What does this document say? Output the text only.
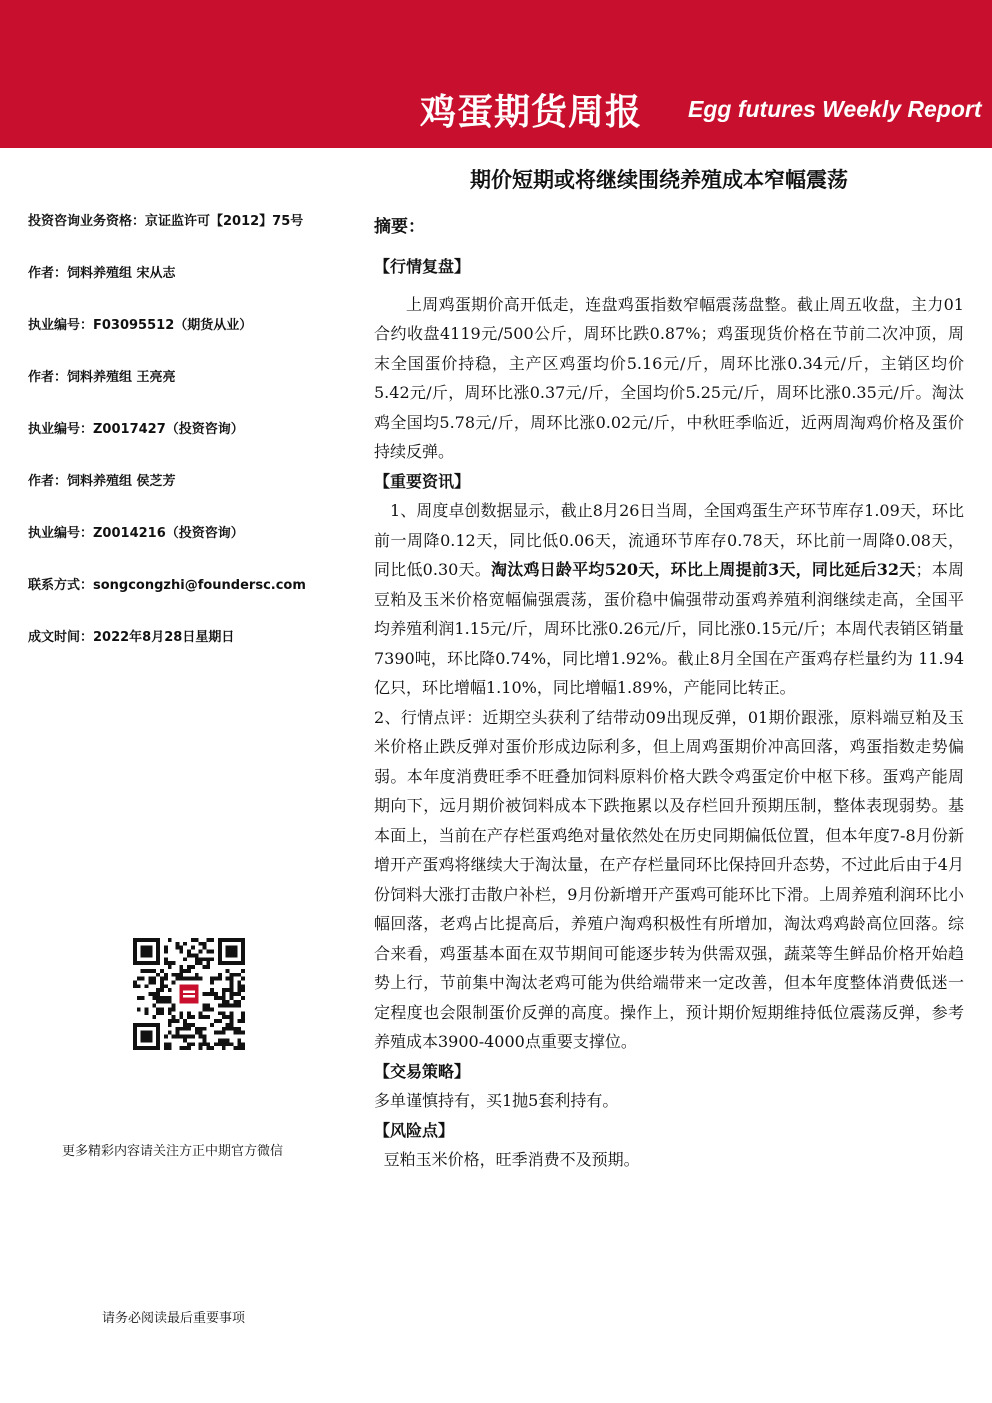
鸡蛋期货周报 Egg futures Weekly Report
期价短期或将继续围绕养殖成本窄幅震荡
投资咨询业务资格：京证监许可【2012】75号
作者：饲料养殖组 宋从志
执业编号：F03095512（期货从业）
作者：饲料养殖组 王亮亮
执业编号：Z0017427（投资咨询）
作者：饲料养殖组 侯芝芳
执业编号：Z0014216（投资咨询）
联系方式：songcongzhi@foundersc.com
成文时间：2022年8月28日星期日
更多精彩内容请关注方正中期官方微信
请务必阅读最后重要事项
摘要：

【行情复盘】

上周鸡蛋期价高开低走，连盘鸡蛋指数窄幅震荡盘整。截止周五收盘，主力01合约收盘4119元/500公斤，周环比跌0.87%；鸡蛋现货价格在节前二次冲顶，周末全国蛋价持稳，主产区鸡蛋均价5.16元/斤，周环比涨0.34元/斤，主销区均价5.42元/斤，周环比涨0.37元/斤，全国均价5.25元/斤，周环比涨0.35元/斤。淘汰鸡全国均5.78元/斤，周环比涨0.02元/斤，中秋旺季临近，近两周淘鸡价格及蛋价持续反弹。

【重要资讯】

1、周度卓创数据显示，截止8月26日当周，全国鸡蛋生产环节库存1.09天，环比前一周降0.12天，同比低0.06天，流通环节库存0.78天，环比前一周降0.08天，同比低0.30天。淘汰鸡日龄平均520天，环比上周提前3天，同比延后32天；本周豆粕及玉米价格宽幅偏强震荡，蛋价稳中偏强带动蛋鸡养殖利润继续走高，全国平均养殖利润1.15元/斤，周环比涨0.26元/斤，同比涨0.15元/斤；本周代表销区销量7390吨，环比降0.74%，同比增1.92%。截止8月全国在产蛋鸡存栏量约为 11.94 亿只，环比增幅1.10%，同比增幅1.89%，产能同比转正。

2、行情点评：近期空头获利了结带动09出现反弹，01期价跟涨，原料端豆粕及玉米价格止跌反弹对蛋价形成边际利多，但上周鸡蛋期价冲高回落，鸡蛋指数走势偏弱。本年度消费旺季不旺叠加饲料原料价格大跌令鸡蛋定价中枢下移。蛋鸡产能周期向下，远月期价被饲料成本下跌拖累以及存栏回升预期压制，整体表现弱势。基本面上，当前在产存栏蛋鸡绝对量依然处在历史同期偏低位置，但本年度7-8月份新增开产蛋鸡将继续大于淘汰量，在产存栏量同环比保持回升态势，不过此后由于4月份饲料大涨打击散户补栏，9月份新增开产蛋鸡可能环比下滑。上周养殖利润环比小幅回落，老鸡占比提高后，养殖户淘鸡积极性有所增加，淘汰鸡鸡龄高位回落。综合来看，鸡蛋基本面在双节期间可能逐步转为供需双强，蔬菜等生鲜品价格开始趋势上行，节前集中淘汰老鸡可能为供给端带来一定改善，但本年度整体消费低迷一定程度也会限制蛋价反弹的高度。操作上，预计期价短期维持低位震荡反弹，参考养殖成本3900-4000点重要支撑位。

【交易策略】

多单谨慎持有，买1抛5套利持有。

【风险点】

豆粕玉米价格，旺季消费不及预期。
